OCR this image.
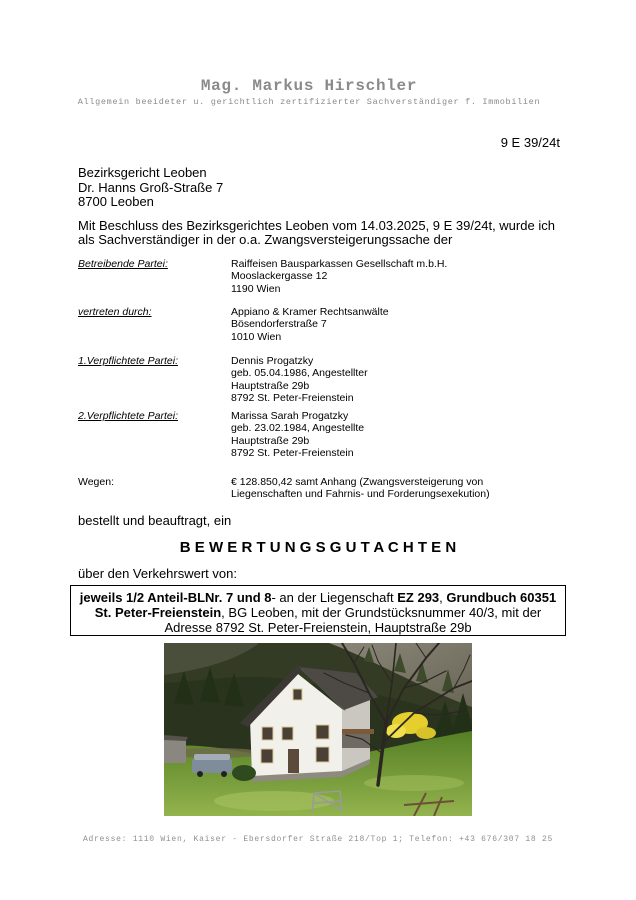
Mag. Markus Hirschler
Allgemein beeideter u. gerichtlich zertifizierter Sachverständiger f. Immobilien
9 E 39/24t
Bezirksgericht Leoben
Dr. Hanns Groß-Straße 7
8700 Leoben
Mit Beschluss des Bezirksgerichtes Leoben vom 14.03.2025, 9 E 39/24t, wurde ich
als Sachverständiger in der o.a. Zwangsversteigerungssache der
Betreibende Partei:	Raiffeisen Bausparkassen Gesellschaft m.b.H.
Mooslackergasse 12
1190 Wien
vertreten durch:	Appiano & Kramer Rechtsanwälte
Bösendorferstraße 7
1010 Wien
1.Verpflichtete Partei:	Dennis Progatzky
geb. 05.04.1986, Angestellter
Hauptstraße 29b
8792 St. Peter-Freienstein
2.Verpflichtete Partei:	Marissa Sarah Progatzky
geb. 23.02.1984, Angestellte
Hauptstraße 29b
8792 St. Peter-Freienstein
Wegen:	€ 128.850,42 samt Anhang (Zwangsversteigerung von
Liegenschaften und Fahrnis- und Forderungsexekution)
bestellt und beauftragt, ein
B E W E R T U N G S G U T A C H T E N
über den Verkehrswert von:
jeweils 1/2 Anteil-BLNr. 7 und 8- an der Liegenschaft EZ 293, Grundbuch 60351
St. Peter-Freienstein, BG Leoben, mit der Grundstücksnummer 40/3, mit der
Adresse 8792 St. Peter-Freienstein, Hauptstraße 29b
Adresse: 1110 Wien, Kaiser - Ebersdorfer Straße 218/Top 1; Telefon: +43 676/307 18 25
